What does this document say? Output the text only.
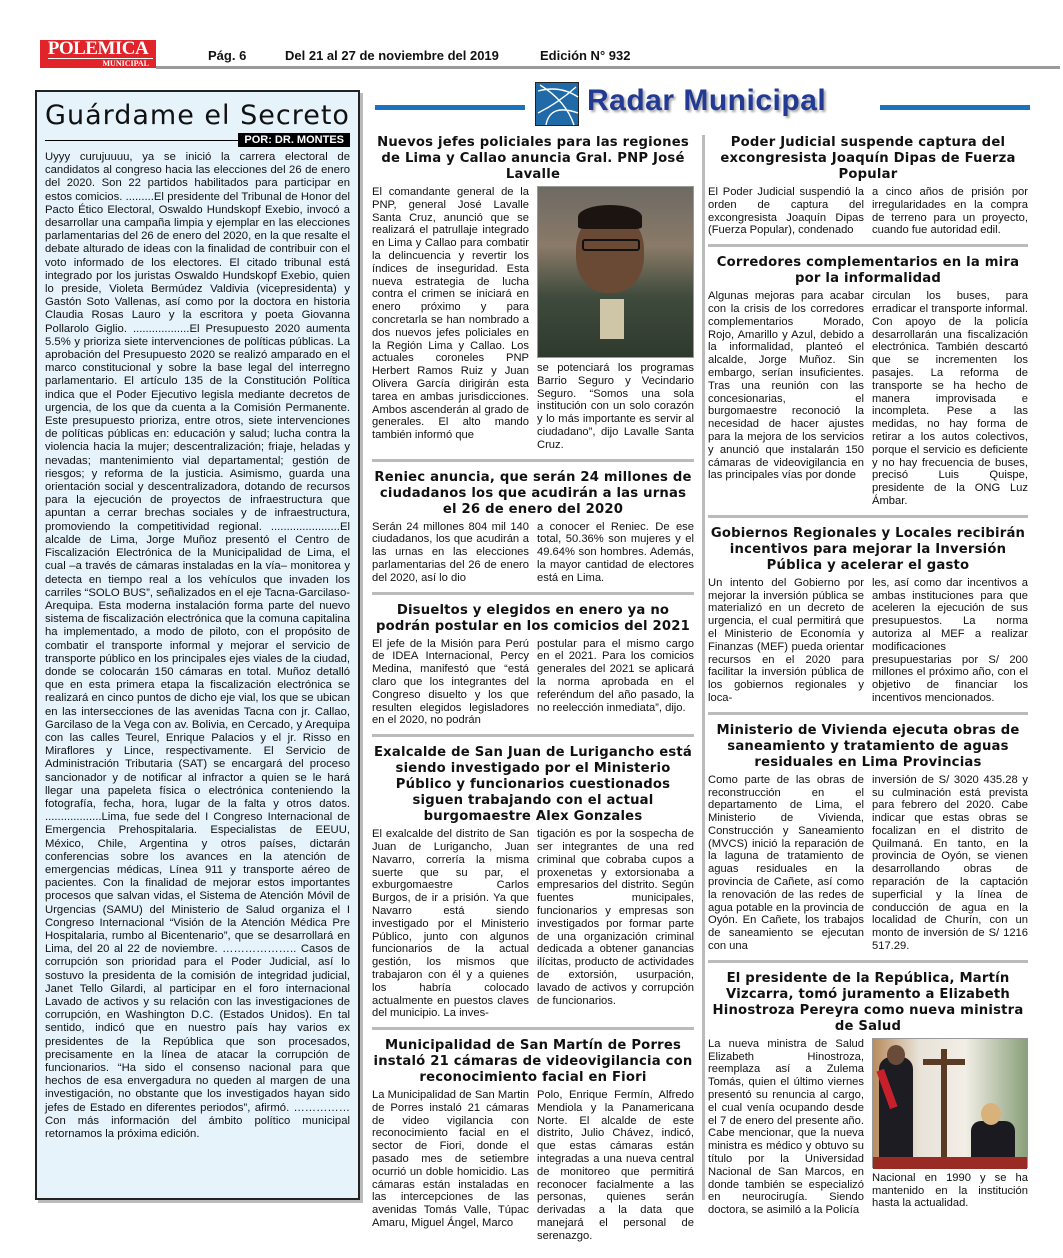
POLEMICA
MUNICIPAL
Pág. 6	Del 21 al 27 de noviembre del 2019	Edición N° 932
Guárdame el Secreto
POR: DR. MONTES

Uyyy curujuuuu, ya se inició la carrera electoral de candidatos al congreso hacia las elecciones del 26 de enero del 2020. Son 22 partidos habilitados para participar en estos comicios. .........El presidente del Tribunal de Honor del Pacto Ético Electoral, Oswaldo Hundskopf Exebio, invocó a desarrollar una campaña limpia y ejemplar en las elecciones parlamentarias del 26 de enero del 2020, en la que resalte el debate alturado de ideas con la finalidad de contribuir con el voto informado de los electores. El citado tribunal está integrado por los juristas Oswaldo Hundskopf Exebio, quien lo preside, Violeta Bermúdez Valdivia (vicepresidenta) y Gastón Soto Vallenas, así como por la doctora en historia Claudia Rosas Lauro y la escritora y poeta Giovanna Pollarolo Giglio. ..................El Presupuesto 2020 aumenta 5.5% y prioriza siete intervenciones de políticas públicas. La aprobación del Presupuesto 2020 se realizó amparado en el marco constitucional y sobre la base legal del interregno parlamentario. El artículo 135 de la Constitución Política indica que el Poder Ejecutivo legisla mediante decretos de urgencia, de los que da cuenta a la Comisión Permanente. Este presupuesto prioriza, entre otros, siete intervenciones de políticas públicas en: educación y salud; lucha contra la violencia hacia la mujer; descentralización; friaje, heladas y nevadas; mantenimiento vial departamental; gestión de riesgos; y reforma de la justicia. Asimismo, guarda una orientación social y descentralizadora, dotando de recursos para la ejecución de proyectos de infraestructura que apuntan a cerrar brechas sociales y de infraestructura, promoviendo la competitividad regional. ......................El alcalde de Lima, Jorge Muñoz presentó el Centro de Fiscalización Electrónica de la Municipalidad de Lima, el cual –a través de cámaras instaladas en la vía– monitorea y detecta en tiempo real a los vehículos que invaden los carriles “SOLO BUS”, señalizados en el eje Tacna-Garcilaso-Arequipa. Esta moderna instalación forma parte del nuevo sistema de fiscalización electrónica que la comuna capitalina ha implementado, a modo de piloto, con el propósito de combatir el transporte informal y mejorar el servicio de transporte público en los principales ejes viales de la ciudad, donde se colocarán 150 cámaras en total. Muñoz detalló que en esta primera etapa la fiscalización electrónica se realizará en cinco puntos de dicho eje vial, los que se ubican en las intersecciones de las avenidas Tacna con jr. Callao, Garcilaso de la Vega con av. Bolivia, en Cercado, y Arequipa con las calles Teurel, Enrique Palacios y el jr. Risso en Miraflores y Lince, respectivamente. El Servicio de Administración Tributaria (SAT) se encargará del proceso sancionador y de notificar al infractor a quien se le hará llegar una papeleta física o electrónica conteniendo la fotografía, fecha, hora, lugar de la falta y otros datos. ..................Lima, fue sede del I Congreso Internacional de Emergencia Prehospitalaria. Especialistas de EEUU, México, Chile, Argentina y otros países, dictarán conferencias sobre los avances en la atención de emergencias médicas, Línea 911 y transporte aéreo de pacientes. Con la finalidad de mejorar estos importantes procesos que salvan vidas, el Sistema de Atención Móvil de Urgencias (SAMU) del Ministerio de Salud organiza el I Congreso Internacional “Visión de la Atención Médica Pre Hospitalaria, rumbo al Bicentenario”, que se desarrollará en Lima, del 20 al 22 de noviembre. ……………….. Casos de corrupción son prioridad para el Poder Judicial, así lo sostuvo la presidenta de la comisión de integridad judicial, Janet Tello Gilardi, al participar en el foro internacional Lavado de activos y su relación con las investigaciones de corrupción, en Washington D.C. (Estados Unidos). En tal sentido, indicó que en nuestro país hay varios ex presidentes de la República que son procesados, precisamente en la línea de atacar la corrupción de funcionarios. “Ha sido el consenso nacional para que hechos de esa envergadura no queden al margen de una investigación, no obstante que los investigados hayan sido jefes de Estado en diferentes periodos”, afirmó. ……………Con más información del ámbito político municipal retornamos la próxima edición.

Radar Municipal
Nuevos jefes policiales para las regiones de Lima y Callao anuncia Gral. PNP José Lavalle

El comandante general de la PNP, general José Lavalle Santa Cruz, anunció que se realizará el patrullaje integrado en Lima y Callao para combatir la delincuencia y revertir los índices de inseguridad. Esta nueva estrategia de lucha contra el crimen se iniciará en enero próximo y para concretarla se han nombrado a dos nuevos jefes policiales en la Región Lima y Callao. Los actuales coroneles PNP Herbert Ramos Ruiz y Juan Olivera García dirigirán esta tarea en ambas jurisdicciones. Ambos ascenderán al grado de generales. El alto mando también informó que

se potenciará los programas Barrio Seguro y Vecindario Seguro. “Somos una sola institución con un solo corazón y lo más importante es servir al ciudadano”, dijo Lavalle Santa Cruz.

Reniec anuncia, que serán 24 millones de ciudadanos los que acudirán a las urnas el 26 de enero del 2020

Serán 24 millones 804 mil 140 ciudadanos, los que acudirán a las urnas en las elecciones parlamentarias del 26 de enero del 2020, así lo dio

a conocer el Reniec. De ese total, 50.36% son mujeres y el 49.64% son hombres. Además, la mayor cantidad de electores está en Lima.

Disueltos y elegidos en enero ya no podrán postular en los comicios del 2021

El jefe de la Misión para Perú de IDEA Internacional, Percy Medina, manifestó que “está claro que los integrantes del Congreso disuelto y los que resulten elegidos legisladores en el 2020, no podrán

postular para el mismo cargo en el 2021. Para los comicios generales del 2021 se aplicará la norma aprobada en el referéndum del año pasado, la no reelección inmediata”, dijo.

Exalcalde de San Juan de Lurigancho está siendo investigado por el Ministerio Público y funcionarios cuestionados siguen trabajando con el actual burgomaestre Alex Gonzales

El exalcalde del distrito de San Juan de Lurigancho, Juan Navarro, correría la misma suerte que su par, el exburgomaestre Carlos Burgos, de ir a prisión. Ya que Navarro está siendo investigado por el Ministerio Público, junto con algunos funcionarios de la actual gestión, los mismos que trabajaron con él y a quienes los habría colocado actualmente en puestos claves del municipio. La inves-

tigación es por la sospecha de ser integrantes de una red criminal que cobraba cupos a proxenetas y extorsionaba a empresarios del distrito. Según fuentes municipales, funcionarios y empresas son investigados por formar parte de una organización criminal dedicada a obtener ganancias ilícitas, producto de actividades de extorsión, usurpación, lavado de activos y corrupción de funcionarios.

Municipalidad de San Martín de Porres instaló 21 cámaras de videovigilancia con reconocimiento facial en Fiori

La Municipalidad de San Martin de Porres instaló 21 cámaras de video vigilancia con reconocimiento facial en el sector de Fiori, donde el pasado mes de setiembre ocurrió un doble homicidio. Las cámaras están instaladas en las intercepciones de las avenidas Tomás Valle, Túpac Amaru, Miguel Ángel, Marco

Polo, Enrique Fermín, Alfredo Mendiola y la Panamericana Norte. El alcalde de este distrito, Julio Chávez, indicó, que estas cámaras están integradas a una nueva central de monitoreo que permitirá reconocer facialmente a las personas, quienes serán derivadas a la data que manejará el personal de serenazgo.

Poder Judicial suspende captura del excongresista Joaquín Dipas de Fuerza Popular

El Poder Judicial suspendió la orden de captura del excongresista Joaquín Dipas (Fuerza Popular), condenado

a cinco años de prisión por irregularidades en la compra de terreno para un proyecto, cuando fue autoridad edil.

Corredores complementarios en la mira por la informalidad

Algunas mejoras para acabar con la crisis de los corredores complementarios Morado, Rojo, Amarillo y Azul, debido a la informalidad, planteó el alcalde, Jorge Muñoz. Sin embargo, serían insuficientes. Tras una reunión con las concesionarias, el burgomaestre reconoció la necesidad de hacer ajustes para la mejora de los servicios y anunció que instalarán 150 cámaras de videovigilancia en las principales vías por donde

circulan los buses, para erradicar el transporte informal. Con apoyo de la policía desarrollarán una fiscalización electrónica. También descartó que se incrementen los pasajes. La reforma de transporte se ha hecho de manera improvisada e incompleta. Pese a las medidas, no hay forma de retirar a los autos colectivos, porque el servicio es deficiente y no hay frecuencia de buses, precisó Luis Quispe, presidente de la ONG Luz Ámbar.

Gobiernos Regionales y Locales recibirán incentivos para mejorar la Inversión Pública y acelerar el gasto

Un intento del Gobierno por mejorar la inversión pública se materializó en un decreto de urgencia, el cual permitirá que el Ministerio de Economía y Finanzas (MEF) pueda orientar recursos en el 2020 para facilitar la inversión pública de los gobiernos regionales y loca-

les, así como dar incentivos a ambas instituciones para que aceleren la ejecución de sus presupuestos. La norma autoriza al MEF a realizar modificaciones presupuestarias por S/ 200 millones el próximo año, con el objetivo de financiar los incentivos mencionados.

Ministerio de Vivienda ejecuta obras de saneamiento y tratamiento de aguas residuales en Lima Provincias

Como parte de las obras de reconstrucción en el departamento de Lima, el Ministerio de Vivienda, Construcción y Saneamiento (MVCS) inició la reparación de la laguna de tratamiento de aguas residuales en la provincia de Cañete, así como la renovación de las redes de agua potable en la provincia de Oyón. En Cañete, los trabajos de saneamiento se ejecutan con una

inversión de S/ 3020 435.28 y su culminación está prevista para febrero del 2020. Cabe indicar que estas obras se focalizan en el distrito de Quilmaná. En tanto, en la provincia de Oyón, se vienen desarrollando obras de reparación de la captación superficial y la línea de conducción de agua en la localidad de Churín, con un monto de inversión de S/ 1216 517.29.

El presidente de la República, Martín Vizcarra, tomó juramento a Elizabeth Hinostroza Pereyra como nueva ministra de Salud

La nueva ministra de Salud Elizabeth Hinostroza, reemplaza así a Zulema Tomás, quien el último viernes presentó su renuncia al cargo, el cual venía ocupando desde el 7 de enero del presente año. Cabe mencionar, que la nueva ministra es médico y obtuvo su título por la Universidad Nacional de San Marcos, en donde también se especializó en neurocirugía. Siendo doctora, se asimiló a la Policía

Nacional en 1990 y se ha mantenido en la institución hasta la actualidad.
